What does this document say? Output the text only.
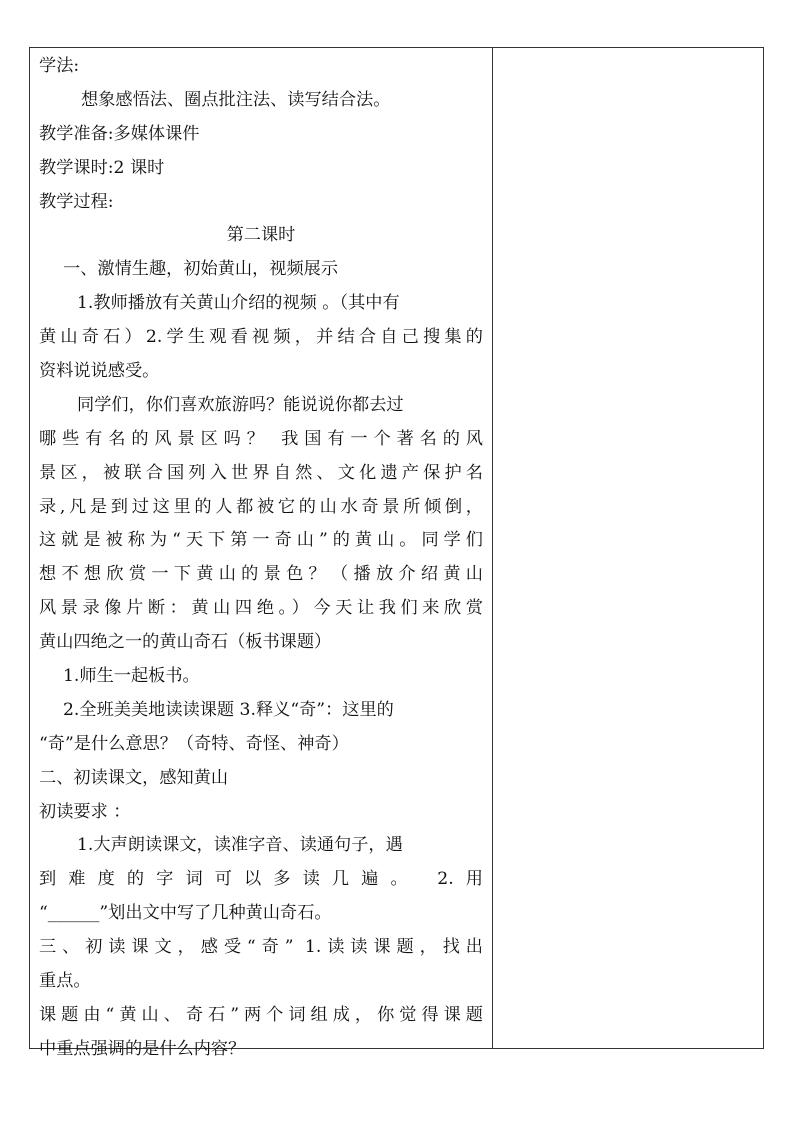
学法:
想象感悟法、圈点批注法、读写结合法。
教学准备:多媒体课件
教学课时:2 课时
教学过程:
第二课时
一、激情生趣，初始黄山，视频展示
1.教师播放有关黄山介绍的视频 。（其中有
黄山奇石）2.学生观看视频，并结合自己搜集的
资料说说感受。
同学们，你们喜欢旅游吗？能说说你都去过
哪些有名的风景区吗？ 我国有一个著名的风
景区，被联合国列入世界自然、文化遗产保护名
录,凡是到过这里的人都被它的山水奇景所倾倒，
这就是被称为“天下第一奇山”的黄山。同学们
想不想欣赏一下黄山的景色？（播放介绍黄山
风景录像片断：黄山四绝。）今天让我们来欣赏
黄山四绝之一的黄山奇石（板书课题）
1.师生一起板书。
2.全班美美地读读课题 3.释义“奇”：这里的
“奇”是什么意思？（奇特、奇怪、神奇）
二、初读课文，感知黄山
初读要求 ：
1.大声朗读课文，读准字音、读通句子，遇
到难度的字词可以多读几遍。 2.用
“______”划出文中写了几种黄山奇石。
三、初读课文，感受“奇” 1.读读课题，找出
重点。
课题由“黄山、奇石”两个词组成，你觉得课题
中重点强调的是什么内容？
